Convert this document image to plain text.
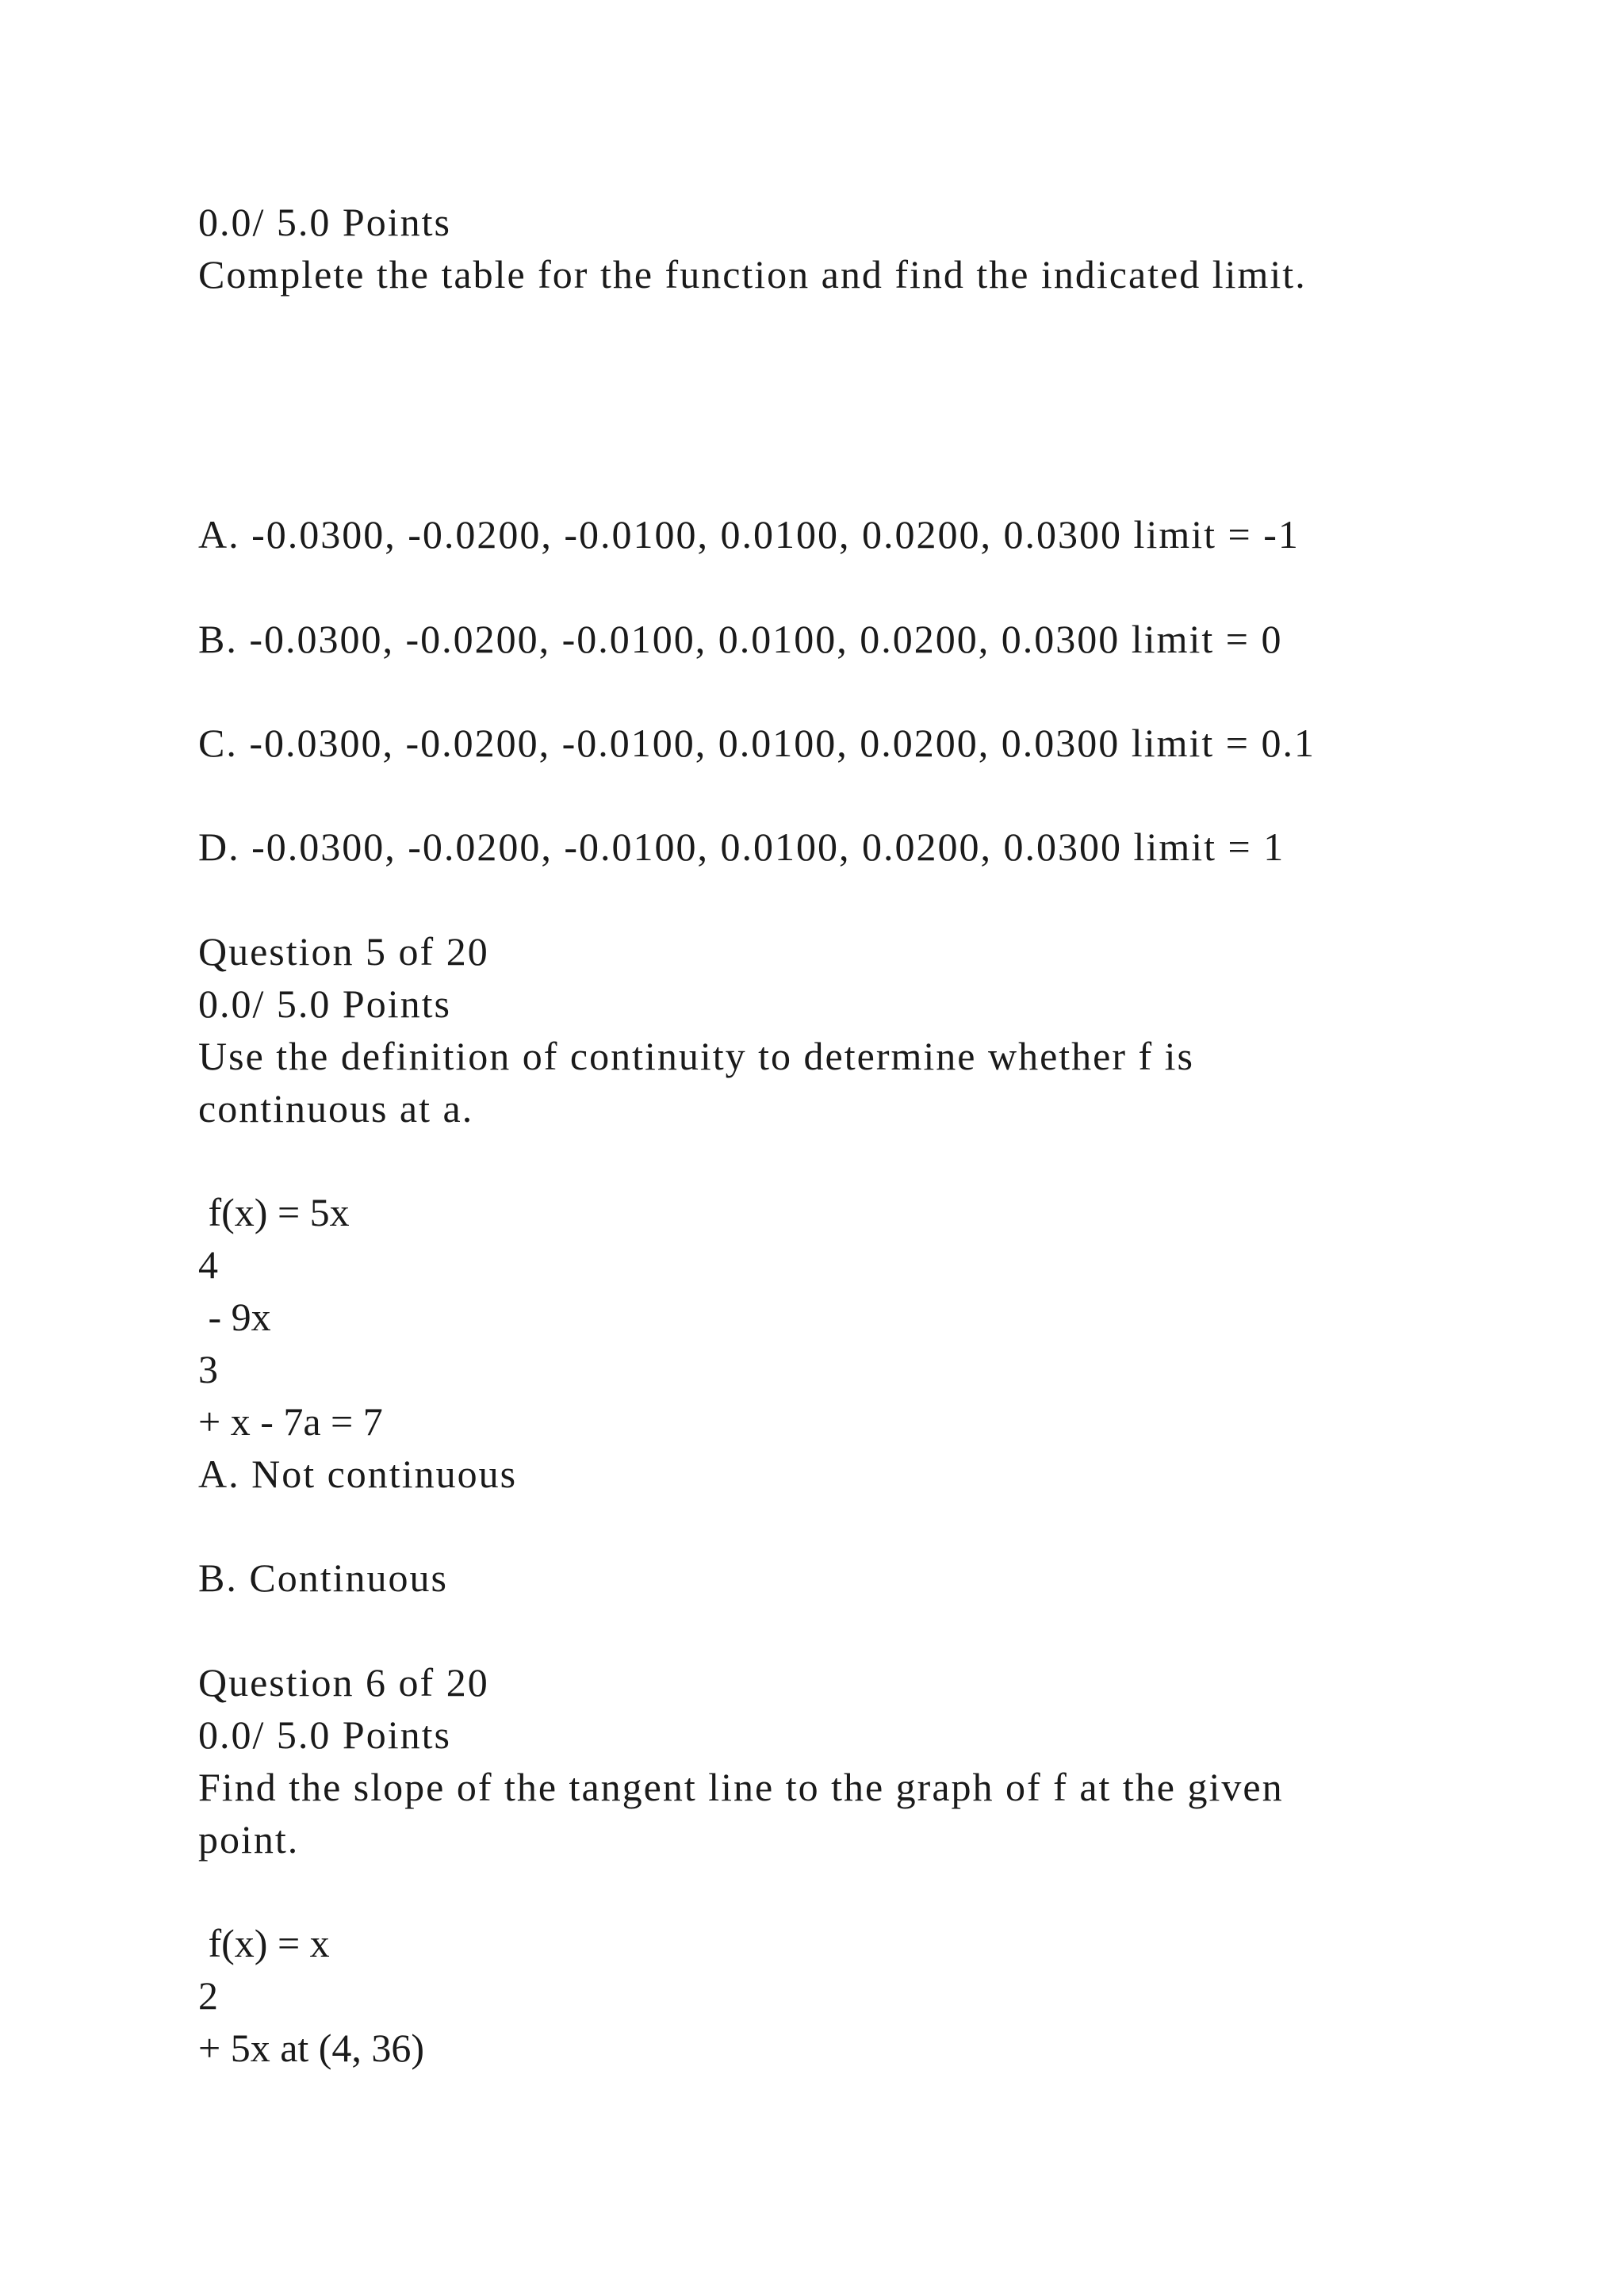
0.0/ 5.0 Points
Complete the table for the function and find the indicated limit.
A. -0.0300, -0.0200, -0.0100, 0.0100, 0.0200, 0.0300 limit = -1
B. -0.0300, -0.0200, -0.0100, 0.0100, 0.0200, 0.0300 limit = 0
C. -0.0300, -0.0200, -0.0100, 0.0100, 0.0200, 0.0300 limit = 0.1
D. -0.0300, -0.0200, -0.0100, 0.0100, 0.0200, 0.0300 limit = 1
Question 5 of 20
0.0/ 5.0 Points
Use the definition of continuity to determine whether f is
continuous at a.
f(x) = 5x
4
- 9x
3
+ x - 7a = 7
A. Not continuous
B. Continuous
Question 6 of 20
0.0/ 5.0 Points
Find the slope of the tangent line to the graph of f at the given
point.
f(x) = x
2
+ 5x at (4, 36)
